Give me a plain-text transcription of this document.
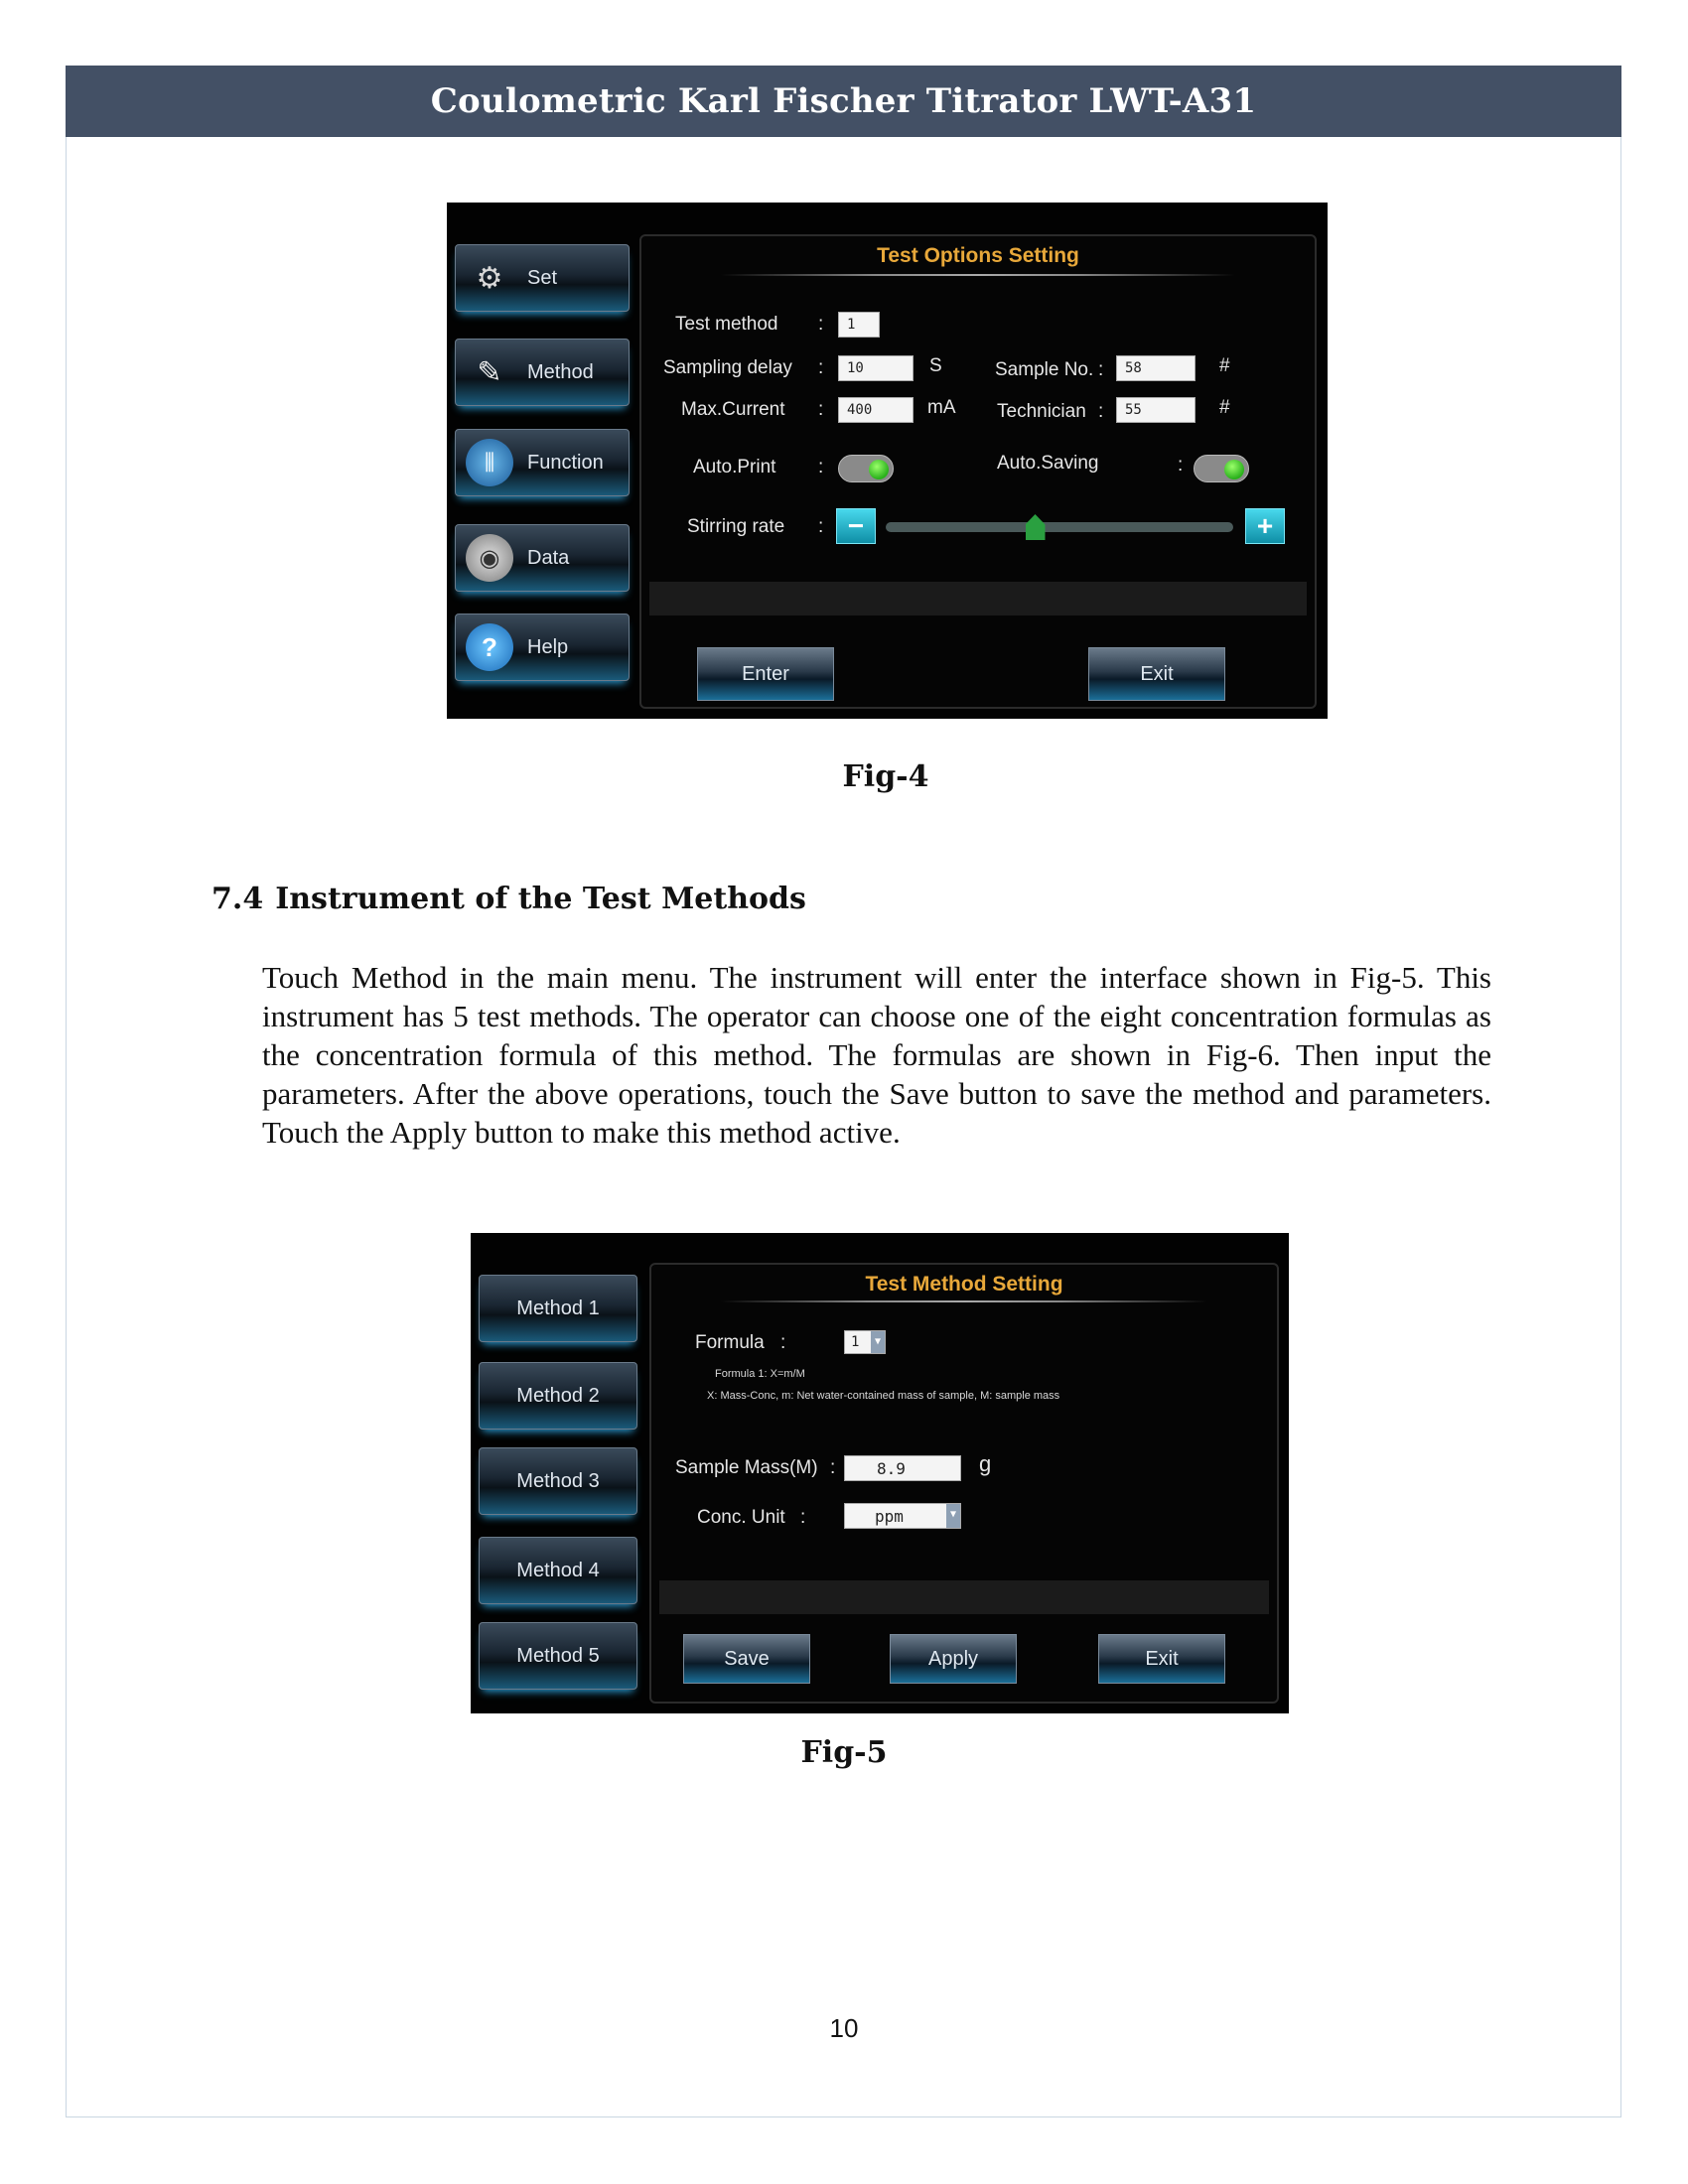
Coulometric Karl Fischer Titrator LWT-A31
⚙	Set
✎	Method
⫼	Function
◉	Data
?	Help
Test Options Setting
Test method :	1
Sampling delay :	10	S
Max.Current :	400	mA
Sample No. :	58	#
Technician :	55	#
Auto.Print :	Auto.Saving	:
Stirring rate : −	+
Enter	Exit
Fig-4
7.4 Instrument of the Test Methods
Touch Method in the main menu. The instrument will enter the interface shown in Fig-5. This instrument has 5 test methods. The operator can choose one of the eight concentration formulas as the concentration formula of this method. The formulas are shown in Fig-6. Then input the parameters. After the above operations, touch the Save button to save the method and parameters. Touch the Apply button to make this method active.
Method 1
Method 2
Method 3
Method 4
Method 5
Test Method Setting
Formula :	1	▼
Formula 1: X=m/M
X: Mass-Conc, m: Net water-contained mass of sample, M: sample mass
Sample Mass(M) :	8.9	g
Conc. Unit :	ppm	▼
Save	Apply	Exit
Fig-5
10
